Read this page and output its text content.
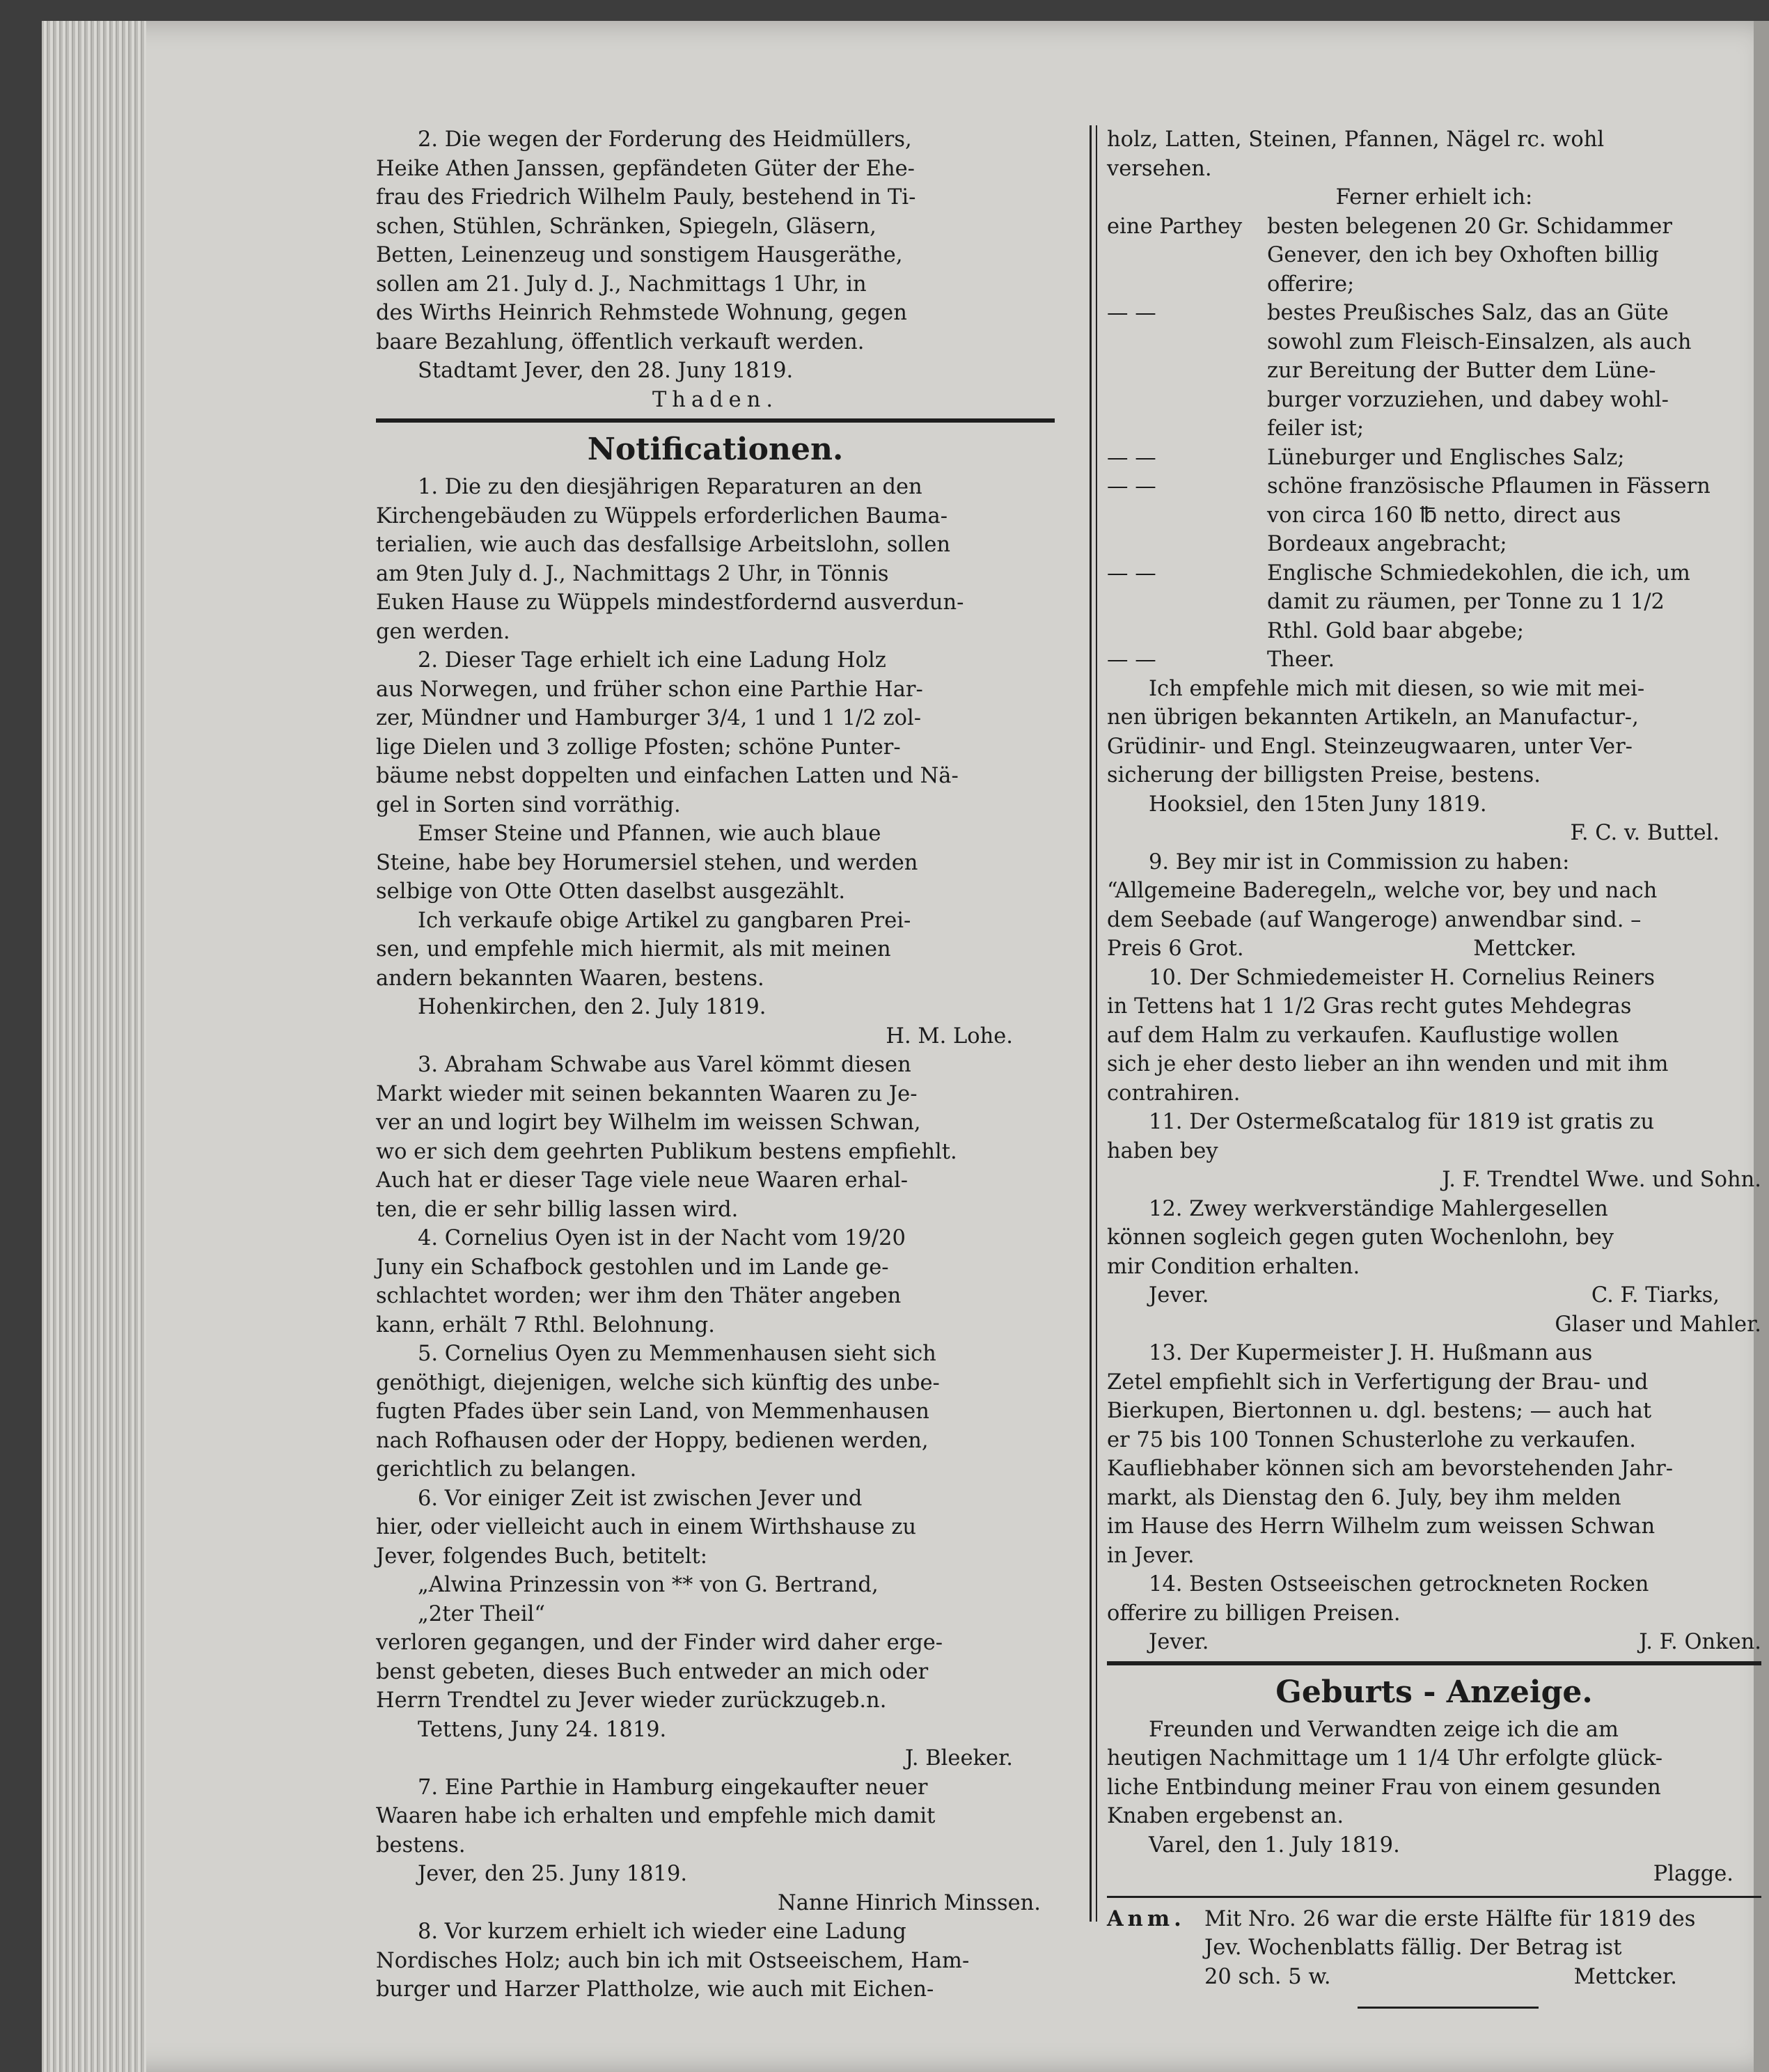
2. Die wegen der Forderung des Heidmüllers,
Heike Athen Janssen, gepfändeten Güter der Ehe-
frau des Friedrich Wilhelm Pauly, bestehend in Ti-
schen, Stühlen, Schränken, Spiegeln, Gläsern,
Betten, Leinenzeug und sonstigem Hausgeräthe,
sollen am 21. July d. J., Nachmittags 1 Uhr, in
des Wirths Heinrich Rehmstede Wohnung, gegen
baare Bezahlung, öffentlich verkauft werden.
Stadtamt Jever, den 28. Juny 1819.
Thaden.
Notificationen.
1. Die zu den diesjährigen Reparaturen an den
Kirchengebäuden zu Wüppels erforderlichen Bauma-
terialien, wie auch das desfallsige Arbeitslohn, sollen
am 9ten July d. J., Nachmittags 2 Uhr, in Tönnis
Euken Hause zu Wüppels mindestfordernd ausverdun-
gen werden.
2. Dieser Tage erhielt ich eine Ladung Holz
aus Norwegen, und früher schon eine Parthie Har-
zer, Mündner und Hamburger 3/4, 1 und 1 1/2 zol-
lige Dielen und 3 zollige Pfosten; schöne Punter-
bäume nebst doppelten und einfachen Latten und Nä-
gel in Sorten sind vorräthig.
Emser Steine und Pfannen, wie auch blaue
Steine, habe bey Horumersiel stehen, und werden
selbige von Otte Otten daselbst ausgezählt.
Ich verkaufe obige Artikel zu gangbaren Prei-
sen, und empfehle mich hiermit, als mit meinen
andern bekannten Waaren, bestens.
Hohenkirchen, den 2. July 1819.
H. M. Lohe.
3. Abraham Schwabe aus Varel kömmt diesen
Markt wieder mit seinen bekannten Waaren zu Je-
ver an und logirt bey Wilhelm im weissen Schwan,
wo er sich dem geehrten Publikum bestens empfiehlt.
Auch hat er dieser Tage viele neue Waaren erhal-
ten, die er sehr billig lassen wird.
4. Cornelius Oyen ist in der Nacht vom 19/20
Juny ein Schafbock gestohlen und im Lande ge-
schlachtet worden; wer ihm den Thäter angeben
kann, erhält 7 Rthl. Belohnung.
5. Cornelius Oyen zu Memmenhausen sieht sich
genöthigt, diejenigen, welche sich künftig des unbe-
fugten Pfades über sein Land, von Memmenhausen
nach Rofhausen oder der Hoppy, bedienen werden,
gerichtlich zu belangen.
6. Vor einiger Zeit ist zwischen Jever und
hier, oder vielleicht auch in einem Wirthshause zu
Jever, folgendes Buch, betitelt:
„Alwina Prinzessin von ** von G. Bertrand,
„2ter Theil“
verloren gegangen, und der Finder wird daher erge-
benst gebeten, dieses Buch entweder an mich oder
Herrn Trendtel zu Jever wieder zurückzugeb.n.
Tettens, Juny 24. 1819.
J. Bleeker.
7. Eine Parthie in Hamburg eingekaufter neuer
Waaren habe ich erhalten und empfehle mich damit
bestens.
Jever, den 25. Juny 1819.
Nanne Hinrich Minssen.
8. Vor kurzem erhielt ich wieder eine Ladung
Nordisches Holz; auch bin ich mit Ostseeischem, Ham-
burger und Harzer Plattholze, wie auch mit Eichen-
holz, Latten, Steinen, Pfannen, Nägel rc. wohl
versehen.
Ferner erhielt ich:
eine Parthey	besten belegenen 20 Gr. Schidammer
Genever, den ich bey Oxhoften billig
offerire;
— —	bestes Preußisches Salz, das an Güte
sowohl zum Fleisch-Einsalzen, als auch
zur Bereitung der Butter dem Lüne-
burger vorzuziehen, und dabey wohl-
feiler ist;
— —	Lüneburger und Englisches Salz;
— —	schöne französische Pflaumen in Fässern
von circa 160 ℔ netto, direct aus
Bordeaux angebracht;
— —	Englische Schmiedekohlen, die ich, um
damit zu räumen, per Tonne zu 1 1/2
Rthl. Gold baar abgebe;
— —	Theer.
Ich empfehle mich mit diesen, so wie mit mei-
nen übrigen bekannten Artikeln, an Manufactur-,
Grüdinir- und Engl. Steinzeugwaaren, unter Ver-
sicherung der billigsten Preise, bestens.
Hooksiel, den 15ten Juny 1819.
F. C. v. Buttel.
9. Bey mir ist in Commission zu haben:
“Allgemeine Baderegeln„ welche vor, bey und nach
dem Seebade (auf Wangeroge) anwendbar sind. –
Preis 6 Grot.                                  Mettcker.
10. Der Schmiedemeister H. Cornelius Reiners
in Tettens hat 1 1/2 Gras recht gutes Mehdegras
auf dem Halm zu verkaufen. Kauflustige wollen
sich je eher desto lieber an ihn wenden und mit ihm
contrahiren.
11. Der Ostermeßcatalog für 1819 ist gratis zu
haben bey
J. F. Trendtel Wwe. und Sohn.
12. Zwey werkverständige Mahlergesellen
können sogleich gegen guten Wochenlohn, bey
mir Condition erhalten.
Jever.	C. F. Tiarks,
Glaser und Mahler.
13. Der Kupermeister J. H. Hußmann aus
Zetel empfiehlt sich in Verfertigung der Brau- und
Bierkupen, Biertonnen u. dgl. bestens; — auch hat
er 75 bis 100 Tonnen Schusterlohe zu verkaufen.
Kaufliebhaber können sich am bevorstehenden Jahr-
markt, als Dienstag den 6. July, bey ihm melden
im Hause des Herrn Wilhelm zum weissen Schwan
in Jever.
14. Besten Ostseeischen getrockneten Rocken
offerire zu billigen Preisen.
Jever.	J. F. Onken.
Geburts - Anzeige.
Freunden und Verwandten zeige ich die am
heutigen Nachmittage um 1 1/4 Uhr erfolgte glück-
liche Entbindung meiner Frau von einem gesunden
Knaben ergebenst an.
Varel, den 1. July 1819.
Plagge.
Anm. Mit Nro. 26 war die erste Hälfte für 1819 des
Jev. Wochenblatts fällig. Der Betrag ist
20 sch. 5 w.                                    Mettcker.
